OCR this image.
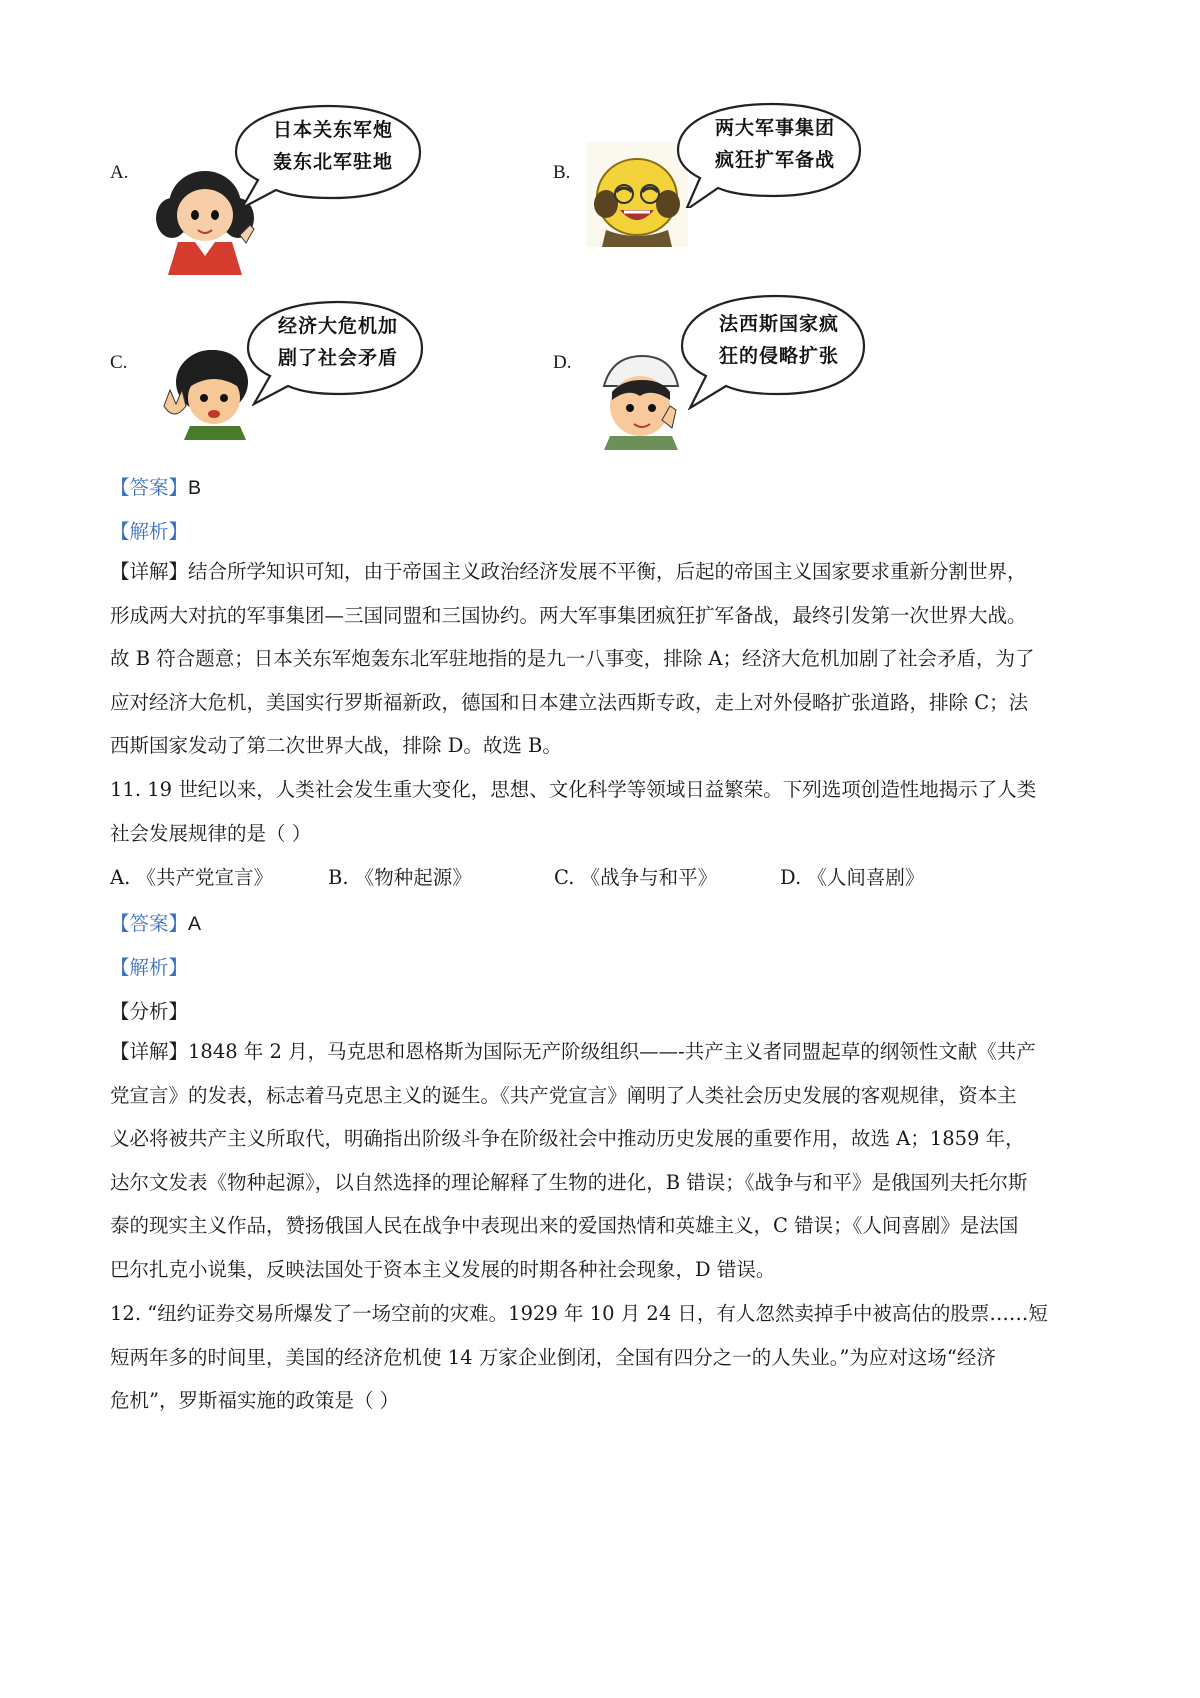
A.
日本关东军炮
轰东北军驻地	B.
两大军事集团
疯狂扩军备战
C.
经济大危机加
剧了社会矛盾	D.
法西斯国家疯
狂的侵略扩张
【答案】B
【解析】
【详解】结合所学知识可知，由于帝国主义政治经济发展不平衡，后起的帝国主义国家要求重新分割世界，
形成两大对抗的军事集团—三国同盟和三国协约。两大军事集团疯狂扩军备战，最终引发第一次世界大战。
故 B 符合题意；日本关东军炮轰东北军驻地指的是九一八事变，排除 A；经济大危机加剧了社会矛盾，为了
应对经济大危机，美国实行罗斯福新政，德国和日本建立法西斯专政，走上对外侵略扩张道路，排除 C；法
西斯国家发动了第二次世界大战，排除 D。故选 B。
11. 19 世纪以来，人类社会发生重大变化，思想、文化科学等领域日益繁荣。下列选项创造性地揭示了人类
社会发展规律的是（ ）
A. 《共产党宣言》	B. 《物种起源》	C. 《战争与和平》	D. 《人间喜剧》
【答案】A
【解析】
【分析】
【详解】1848 年 2 月，马克思和恩格斯为国际无产阶级组织——-共产主义者同盟起草的纲领性文献《共产
党宣言》的发表，标志着马克思主义的诞生。《共产党宣言》阐明了人类社会历史发展的客观规律，资本主
义必将被共产主义所取代，明确指出阶级斗争在阶级社会中推动历史发展的重要作用，故选 A；1859 年，
达尔文发表《物种起源》，以自然选择的理论解释了生物的进化，B 错误；《战争与和平》是俄国列夫托尔斯
泰的现实主义作品，赞扬俄国人民在战争中表现出来的爱国热情和英雄主义，C 错误；《人间喜剧》是法国
巴尔扎克小说集，反映法国处于资本主义发展的时期各种社会现象，D 错误。
12. “纽约证券交易所爆发了一场空前的灾难。1929 年 10 月 24 日，有人忽然卖掉手中被高估的股票……短
短两年多的时间里，美国的经济危机使 14 万家企业倒闭，全国有四分之一的人失业。”为应对这场“经济
危机”，罗斯福实施的政策是（ ）
